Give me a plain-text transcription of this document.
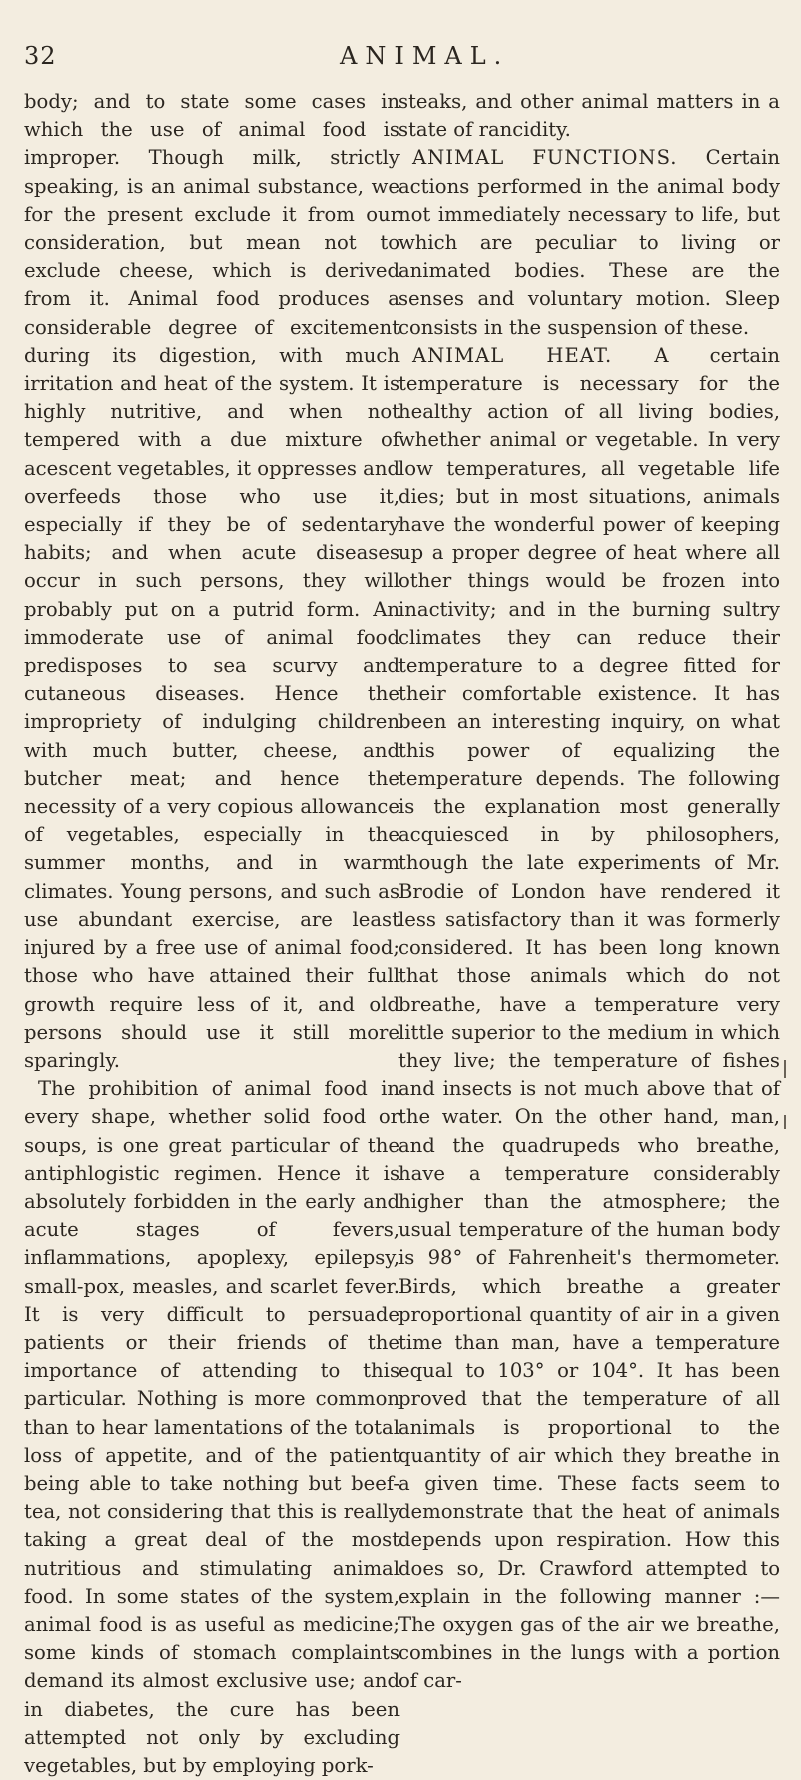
32	ANIMAL.

body; and to state some cases in which the use of animal food is improper. Though milk, strictly speaking, is an animal substance, we for the present exclude it from our consideration, but mean not to exclude cheese, which is derived from it. Animal food produces a considerable degree of excitement during its digestion, with much irritation and heat of the system. It is highly nutritive, and when not tempered with a due mixture of acescent vegetables, it oppresses and overfeeds those who use it, especially if they be of sedentary habits; and when acute diseases occur in such persons, they will probably put on a putrid form. An immoderate use of animal food predisposes to sea scurvy and cutaneous diseases. Hence the impropriety of indulging children with much butter, cheese, and butcher meat; and hence the necessity of a very copious allowance of vegetables, especially in the summer months, and in warm climates. Young persons, and such as use abundant exercise, are least injured by a free use of animal food; those who have attained their full growth require less of it, and old persons should use it still more sparingly.

The prohibition of animal food in every shape, whether solid food or soups, is one great particular of the antiphlogistic regimen. Hence it is absolutely forbidden in the early and acute stages of fevers, inflammations, apoplexy, epilepsy, small-pox, measles, and scarlet fever. It is very difficult to persuade patients or their friends of the importance of attending to this particular. Nothing is more common than to hear lamentations of the total loss of appetite, and of the patient being able to take nothing but beef-tea, not considering that this is really taking a great deal of the most nutritious and stimulating animal food. In some states of the system, animal food is as useful as medicine; some kinds of stomach complaints demand its almost exclusive use; and in diabetes, the cure has been attempted not only by excluding vegetables, but by employing pork-

steaks, and other animal matters in a state of rancidity.

ANIMAL FUNCTIONS. Certain actions performed in the animal body not immediately necessary to life, but which are peculiar to living or animated bodies. These are the senses and voluntary motion. Sleep consists in the suspension of these.

ANIMAL HEAT. A certain temperature is necessary for the healthy action of all living bodies, whether animal or vegetable. In very low temperatures, all vegetable life dies; but in most situations, animals have the wonderful power of keeping up a proper degree of heat where all other things would be frozen into inactivity; and in the burning sultry climates they can reduce their temperature to a degree fitted for their comfortable existence. It has been an interesting inquiry, on what this power of equalizing the temperature depends. The following is the explanation most generally acquiesced in by philosophers, though the late experiments of Mr. Brodie of London have rendered it less satisfactory than it was formerly considered. It has been long known that those animals which do not breathe, have a temperature very little superior to the medium in which they live; the temperature of fishes and insects is not much above that of the water. On the other hand, man, and the quadrupeds who breathe, have a temperature considerably higher than the atmosphere; the usual temperature of the human body is 98° of Fahrenheit's thermometer. Birds, which breathe a greater proportional quantity of air in a given time than man, have a temperature equal to 103° or 104°. It has been proved that the temperature of all animals is proportional to the quantity of air which they breathe in a given time. These facts seem to demonstrate that the heat of animals depends upon respiration. How this does so, Dr. Crawford attempted to explain in the following manner :—The oxygen gas of the air we breathe, combines in the lungs with a portion of car-
